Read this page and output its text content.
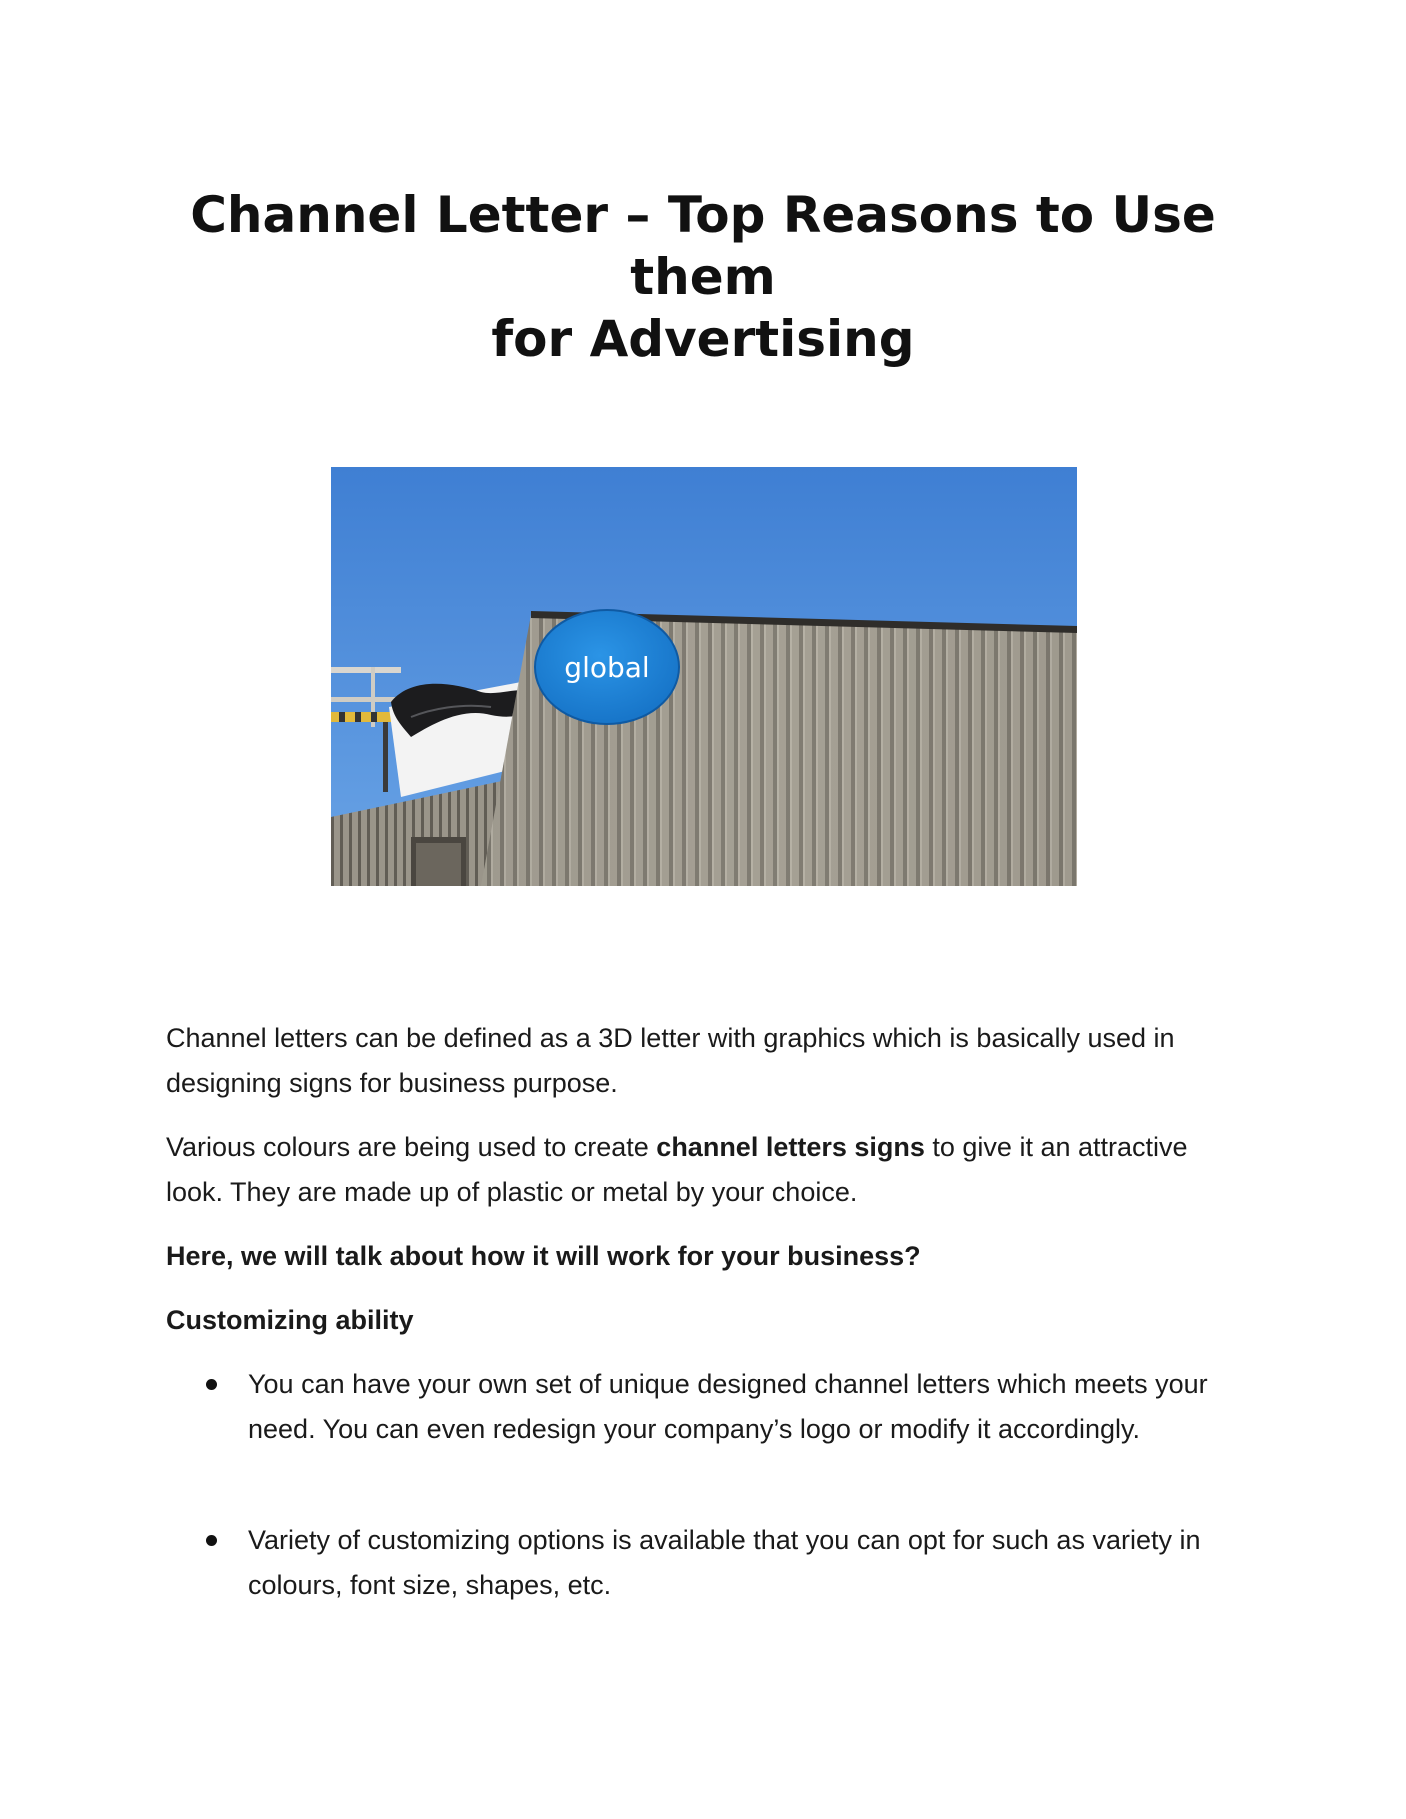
Channel Letter – Top Reasons to Use them
for Advertising
global

Channel letters can be defined as a 3D letter with graphics which is basically used in designing signs for business purpose.

Various colours are being used to create channel letters signs to give it an attractive look. They are made up of plastic or metal by your choice.

Here, we will talk about how it will work for your business?

Customizing ability

You can have your own set of unique designed channel letters which meets your need. You can even redesign your company’s logo or modify it accordingly.
Variety of customizing options is available that you can opt for such as variety in colours, font size, shapes, etc.
